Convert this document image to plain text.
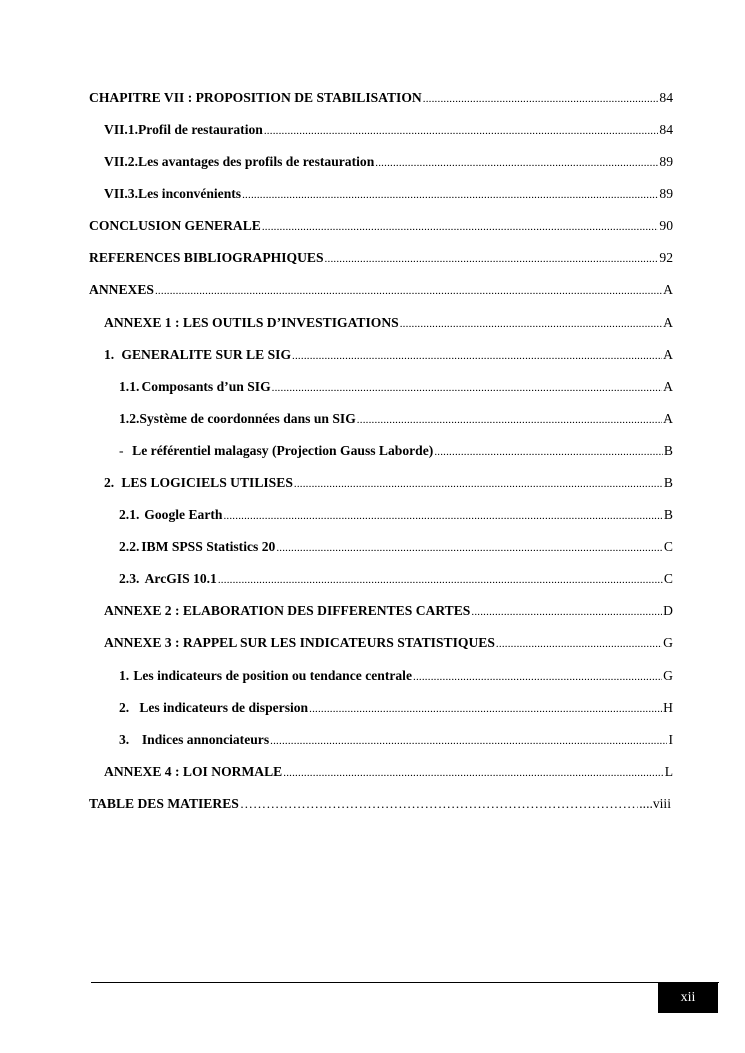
CHAPITRE VII : PROPOSITION DE STABILISATION .....	84
VII.1. Profil de restauration .....	84
VII.2. Les avantages des profils de restauration .....	89
VII.3. Les inconvénients .....	89
CONCLUSION GENERALE .....	90
REFERENCES BIBLIOGRAPHIQUES .....	92
ANNEXES .....	A
ANNEXE 1 : LES OUTILS D’INVESTIGATIONS .....	A
1. GENERALITE SUR LE SIG .....	A
1.1. Composants d’un SIG .....	A
1.2. Système de coordonnées dans un SIG .....	A
- Le référentiel malagasy (Projection Gauss Laborde) .....	B
2. LES LOGICIELS UTILISES .....	B
2.1. Google Earth .....	B
2.2. IBM SPSS Statistics 20 .....	C
2.3. ArcGIS 10.1 .....	C
ANNEXE 2 : ELABORATION DES DIFFERENTES CARTES .....	D
ANNEXE 3 : RAPPEL SUR LES INDICATEURS STATISTIQUES .....	G
1. Les indicateurs de position ou tendance centrale .....	G
2. Les indicateurs de dispersion .....	H
3. Indices annonciateurs .....	I
ANNEXE 4 : LOI NORMALE .....	L
TABLE DES MATIERES …………………………………………………………………………………………………………………………………………………………………………………………………………………………………………………	....viii
xii
